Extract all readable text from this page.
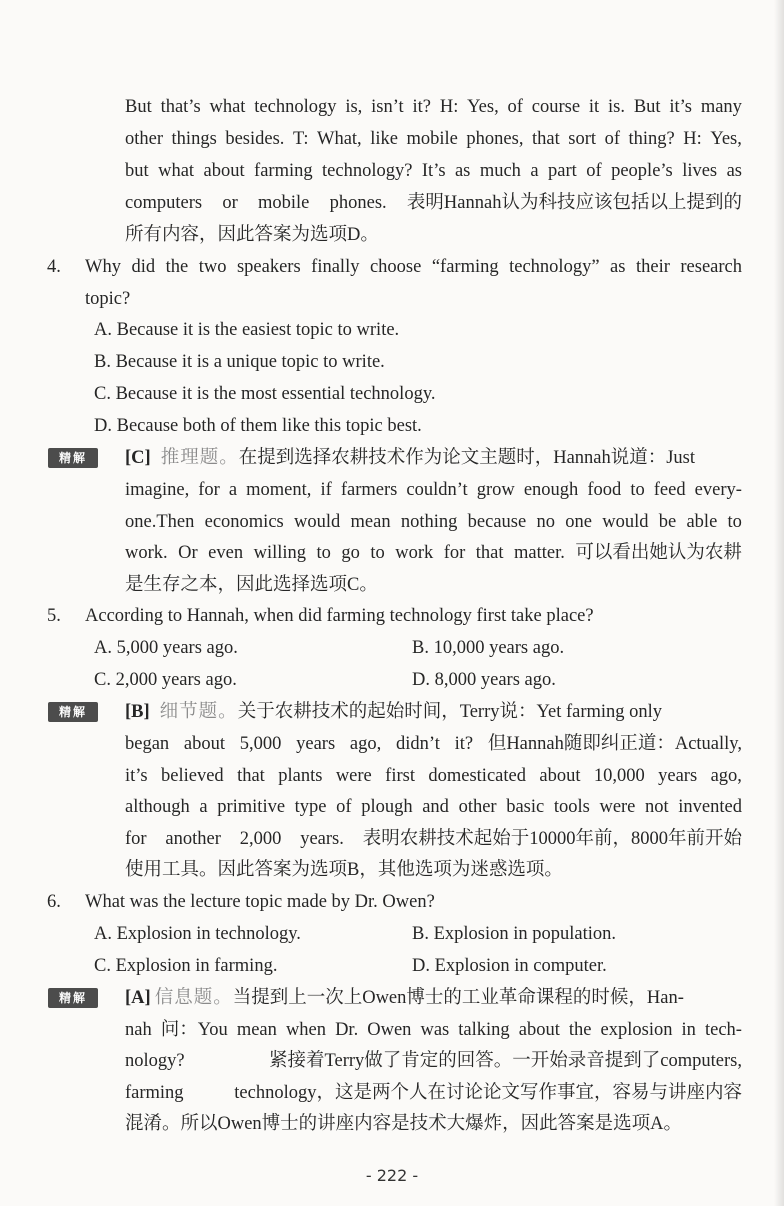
But that’s what technology is, isn’t it? H: Yes, of course it is. But it’s many
other things besides. T: What, like mobile phones, that sort of thing? H: Yes,
but what about farming technology? It’s as much a part of people’s lives as
computers or mobile phones. 表明Hannah认为科技应该包括以上提到的
所有内容，因此答案为选项D。
4. Why did the two speakers finally choose “farming technology” as their research
topic?
A. Because it is the easiest topic to write.
B. Because it is a unique topic to write.
C. Because it is the most essential technology.
D. Because both of them like this topic best.
精解	[C] 推理题。 在提到选择农耕技术作为论文主题时，Hannah说道：Just
imagine, for a moment, if farmers couldn’t grow enough food to feed every-
one.Then economics would mean nothing because no one would be able to
work. Or even willing to go to work for that matter. 可以看出她认为农耕
是生存之本，因此选择选项C。
5. According to Hannah, when did farming technology first take place?
A. 5,000 years ago.	B. 10,000 years ago.
C. 2,000 years ago.	D. 8,000 years ago.
精解	[B] 细节题。 关于农耕技术的起始时间，Terry说：Yet farming only
began about 5,000 years ago, didn’t it? 但Hannah随即纠正道：Actually,
it’s believed that plants were first domesticated about 10,000 years ago,
although a primitive type of plough and other basic tools were not invented
for another 2,000 years. 表明农耕技术起始于10000年前，8000年前开始
使用工具。因此答案为选项B，其他选项为迷惑选项。
6. What was the lecture topic made by Dr. Owen?
A. Explosion in technology.	B. Explosion in population.
C. Explosion in farming.	D. Explosion in computer.
精解	[A] 信息题。 当提到上一次上Owen博士的工业革命课程的时候，Han-
nah 问：You mean when Dr. Owen was talking about the explosion in tech-
nology?	紧接着Terry做了肯定的回答。一开始录音提到了computers,
farming	technology，这是两个人在讨论论文写作事宜，容易与讲座内容
混淆。所以Owen博士的讲座内容是技术大爆炸，因此答案是选项A。
- 222 -
